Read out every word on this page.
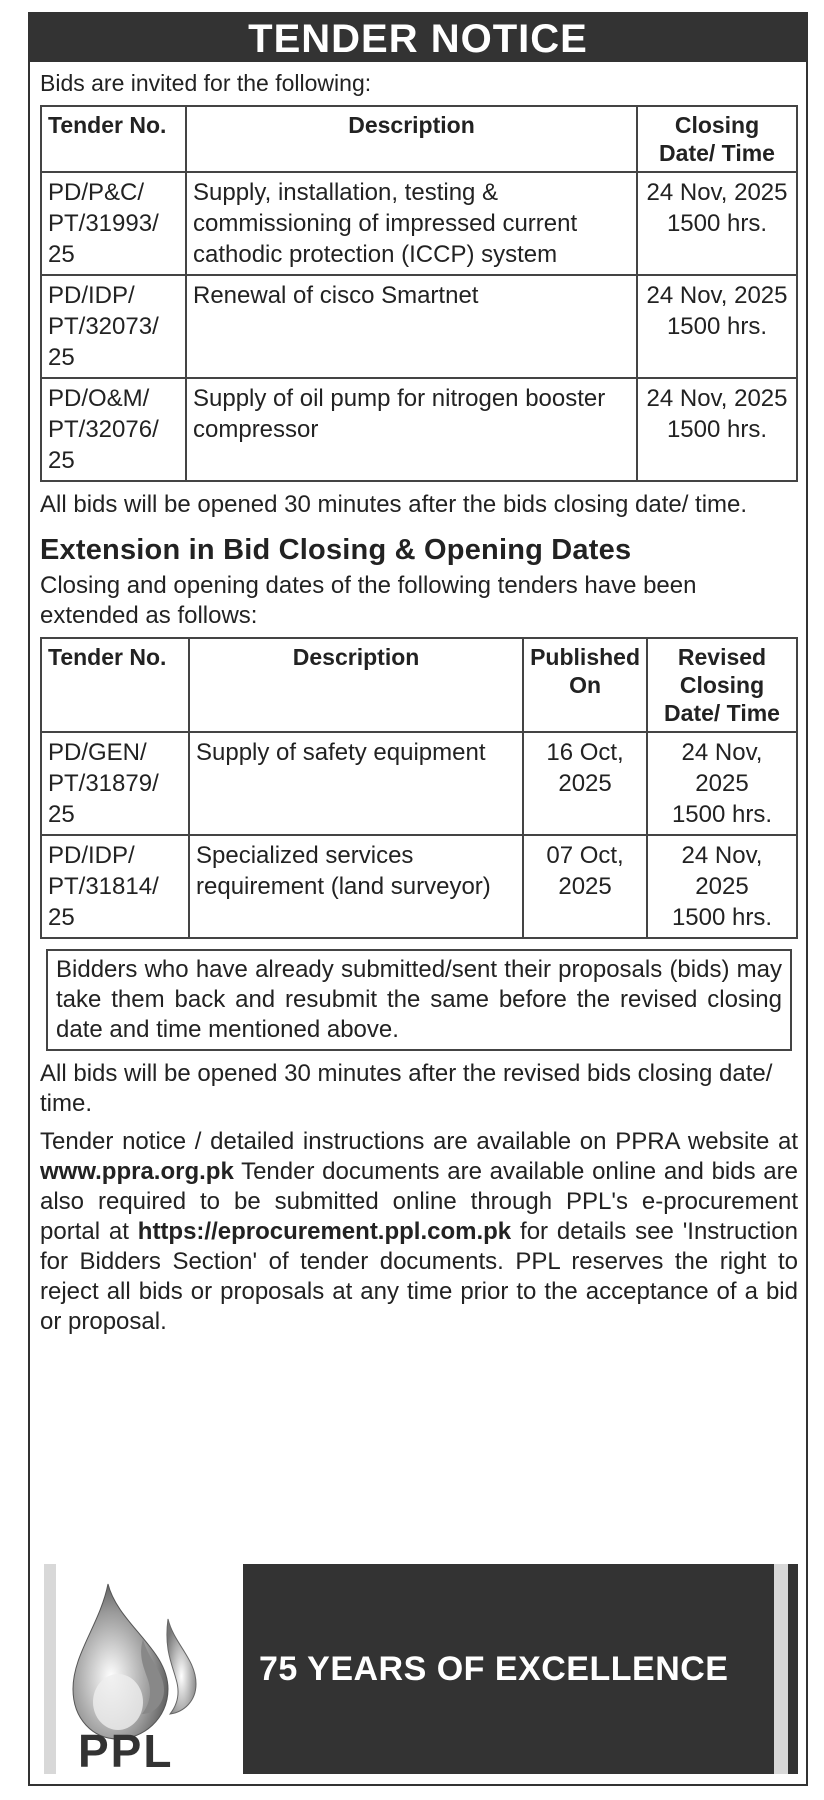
TENDER NOTICE
Bids are invited for the following:
Tender No.	Description	Closing Date/ Time
PD/P&C/ PT/31993/ 25	Supply, installation, testing & commissioning of impressed current cathodic protection (ICCP) system	24 Nov, 2025
1500 hrs.

PD/IDP/ PT/32073/ 25	Renewal of cisco Smartnet	24 Nov, 2025
1500 hrs.

PD/O&M/ PT/32076/ 25	Supply of oil pump for nitrogen booster compressor	24 Nov, 2025
1500 hrs.

All bids will be opened 30 minutes after the bids closing date/ time.

Extension in Bid Closing & Opening Dates

Closing and opening dates of the following tenders have been extended as follows:

Tender No.	Description	Published On	Revised Closing Date/ Time
PD/GEN/ PT/31879/ 25	Supply of safety equipment	16 Oct, 2025	24 Nov, 2025
1500 hrs.

PD/IDP/ PT/31814/ 25	Specialized services requirement (land surveyor)	07 Oct, 2025	24 Nov, 2025
1500 hrs.
Bidders who have already submitted/sent their proposals (bids) may take them back and resubmit the same before the revised closing date and time mentioned above.

All bids will be opened 30 minutes after the revised bids closing date/ time.

Tender notice / detailed instructions are available on PPRA website at www.ppra.org.pk Tender documents are available online and bids are also required to be submitted online through PPL's e-procurement portal at https://eprocurement.ppl.com.pk for details see 'Instruction for Bidders Section' of tender documents. PPL reserves the right to reject all bids or proposals at any time prior to the acceptance of a bid or proposal.

PPL
75 YEARS OF EXCELLENCE
